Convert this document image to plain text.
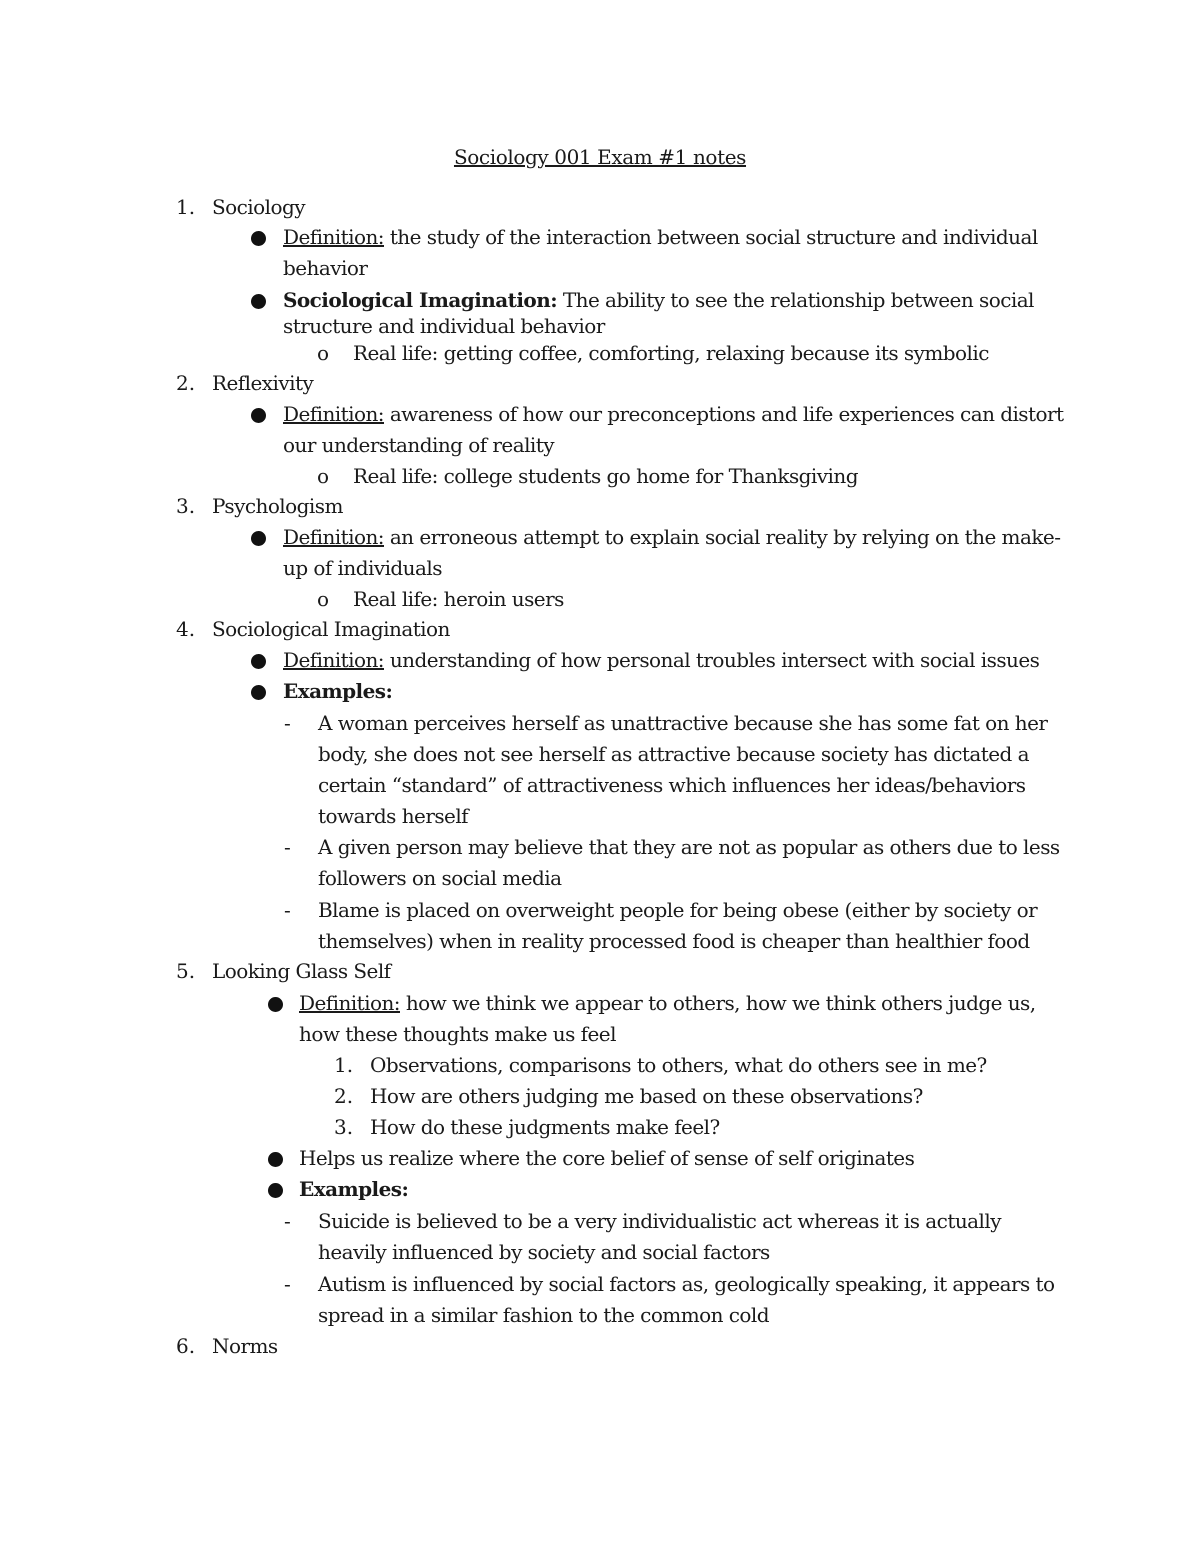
Sociology 001 Exam #1 notes
1. Sociology
Definition: the study of the interaction between social structure and individual
behavior
Sociological Imagination: The ability to see the relationship between social
structure and individual behavior
o Real life: getting coffee, comforting, relaxing because its symbolic
2. Reflexivity
Definition: awareness of how our preconceptions and life experiences can distort
our understanding of reality
o Real life: college students go home for Thanksgiving
3. Psychologism
Definition: an erroneous attempt to explain social reality by relying on the make-
up of individuals
o Real life: heroin users
4. Sociological Imagination
Definition: understanding of how personal troubles intersect with social issues
Examples:
- A woman perceives herself as unattractive because she has some fat on her
body, she does not see herself as attractive because society has dictated a
certain “standard” of attractiveness which influences her ideas/behaviors
towards herself
- A given person may believe that they are not as popular as others due to less
followers on social media
- Blame is placed on overweight people for being obese (either by society or
themselves) when in reality processed food is cheaper than healthier food
5. Looking Glass Self
Definition: how we think we appear to others, how we think others judge us,
how these thoughts make us feel
1. Observations, comparisons to others, what do others see in me?
2. How are others judging me based on these observations?
3. How do these judgments make feel?
Helps us realize where the core belief of sense of self originates
Examples:
- Suicide is believed to be a very individualistic act whereas it is actually
heavily influenced by society and social factors
- Autism is influenced by social factors as, geologically speaking, it appears to
spread in a similar fashion to the common cold
6. Norms
